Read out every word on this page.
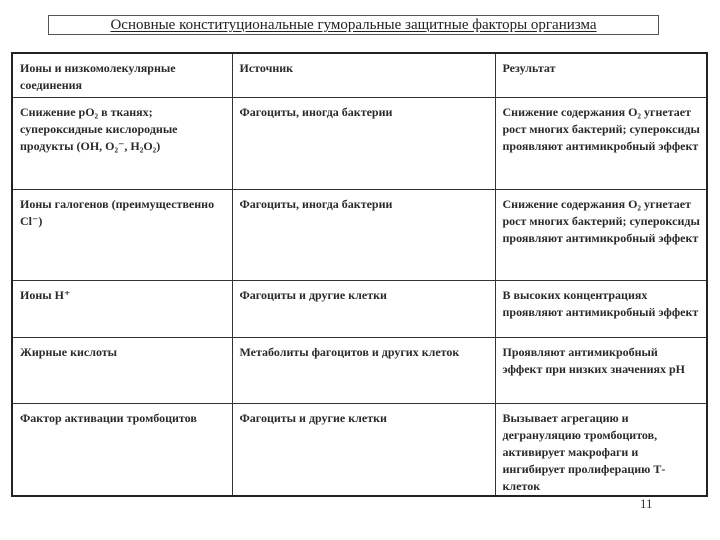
Основные конституциональные гуморальные защитные факторы организма
Ионы и низкомолекулярные соединения	Источник	Результат
Снижение pO₂ в тканях; супероксидные кислородные продукты (OH, O₂⁻, H₂O₂)	Фагоциты, иногда бактерии	Снижение содержания O₂ угнетает рост многих бактерий; супероксиды проявляют антимикробный эффект
Ионы галогенов (преимущественно Cl⁻)	Фагоциты, иногда бактерии	Снижение содержания O₂ угнетает рост многих бактерий; супероксиды проявляют антимикробный эффект
Ионы H⁺	Фагоциты и другие клетки	В высоких концентрациях проявляют антимикробный эффект
Жирные кислоты	Метаболиты фагоцитов и других клеток	Проявляют антимикробный эффект при низких значениях pH
Фактор активации тромбоцитов	Фагоциты и другие клетки	Вызывает агрегацию и дегрануляцию тромбоцитов, активирует макрофаги и ингибирует пролиферацию Т-клеток
11
